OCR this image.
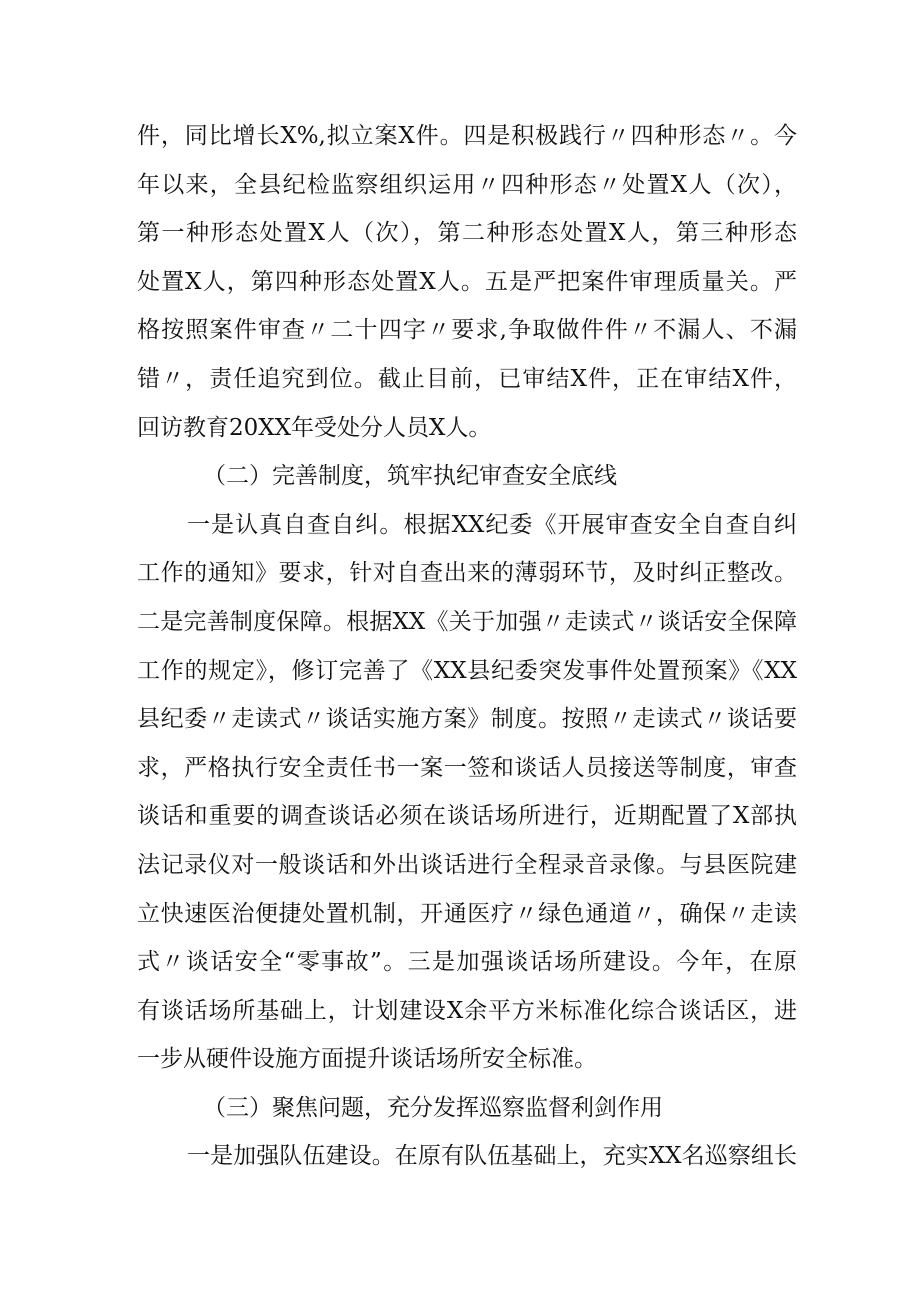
件，同比增长X%,拟立案X件。四是积极践行〃四种形态〃。今
年以来，全县纪检监察组织运用〃四种形态〃处置X人（次），
第一种形态处置X人（次），第二种形态处置X人，第三种形态
处置X人，第四种形态处置X人。五是严把案件审理质量关。严
格按照案件审查〃二十四字〃要求,争取做件件〃不漏人、不漏
错〃，责任追究到位。截止目前，已审结X件，正在审结X件，
回访教育20XX年受处分人员X人。
（二）完善制度，筑牢执纪审查安全底线
一是认真自查自纠。根据XX纪委《开展审查安全自查自纠
工作的通知》要求，针对自查出来的薄弱环节，及时纠正整改。
二是完善制度保障。根据XX《关于加强〃走读式〃谈话安全保障
工作的规定》，修订完善了《XX县纪委突发事件处置预案》《XX
县纪委〃走读式〃谈话实施方案》制度。按照〃走读式〃谈话要
求，严格执行安全责任书一案一签和谈话人员接送等制度，审查
谈话和重要的调查谈话必须在谈话场所进行，近期配置了X部执
法记录仪对一般谈话和外出谈话进行全程录音录像。与县医院建
立快速医治便捷处置机制，开通医疗〃绿色通道〃，确保〃走读
式〃谈话安全“零事故”。三是加强谈话场所建设。今年，在原
有谈话场所基础上，计划建设X余平方米标准化综合谈话区，进
一步从硬件设施方面提升谈话场所安全标准。
（三）聚焦问题，充分发挥巡察监督利剑作用
一是加强队伍建设。在原有队伍基础上，充实XX名巡察组长
